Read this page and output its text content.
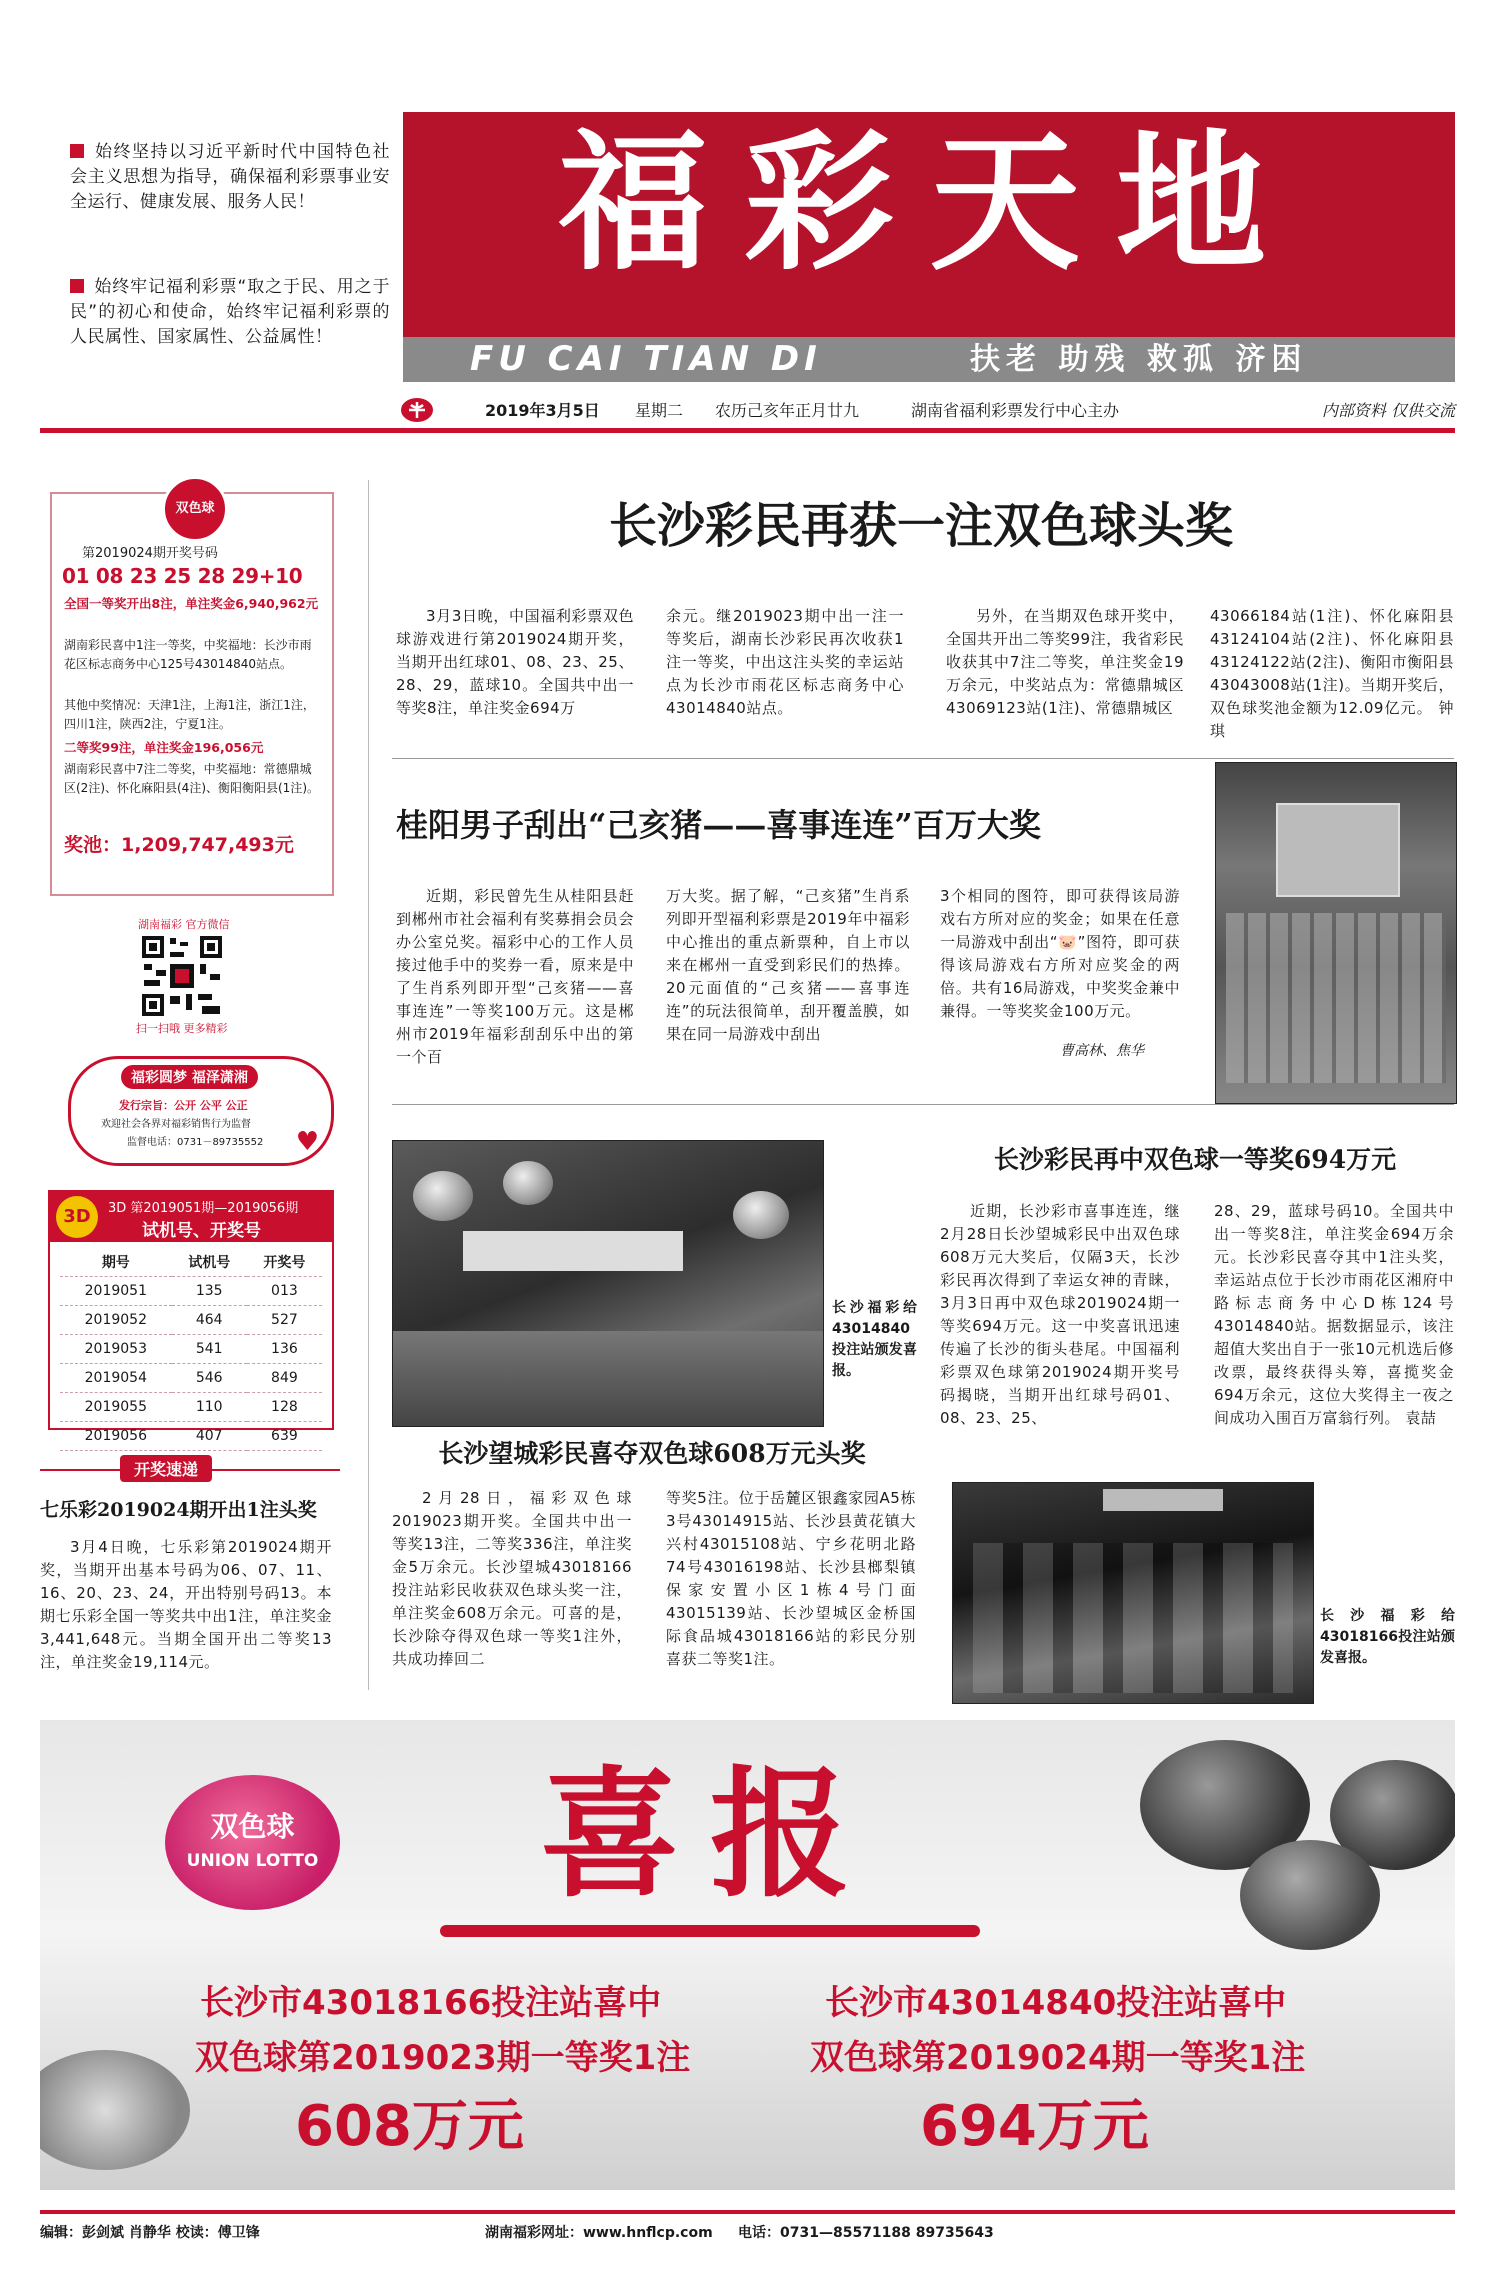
始终坚持以习近平新时代中国特色社会主义思想为指导，确保福利彩票事业安全运行、健康发展、服务人民！
始终牢记福利彩票“取之于民、用之于民”的初心和使命，始终牢记福利彩票的人民属性、国家属性、公益属性！
福彩天地
FU CAI TIAN DI	扶老 助残 救孤 济困
2019年3月5日 星期二 农历己亥年正月廿九	湖南省福利彩票发行中心主办	内部资料 仅供交流
双色球
第2019024期开奖号码
01 08 23 25 28 29+10
全国一等奖开出8注，单注奖金6,940,962元
湖南彩民喜中1注一等奖，中奖福地：长沙市雨花区标志商务中心125号43014840站点。
其他中奖情况：天津1注，上海1注，浙江1注，四川1注，陕西2注，宁夏1注。
二等奖99注，单注奖金196,056元
湖南彩民喜中7注二等奖，中奖福地：常德鼎城区(2注)、怀化麻阳县(4注)、衡阳衡阳县(1注)。
奖池：1,209,747,493元
湖南福彩 官方微信
扫一扫哦 更多精彩
福彩圆梦 福泽潇湘
发行宗旨：公开 公平 公正
欢迎社会各界对福彩销售行为监督
监督电话：0731－89735552 ♥
3D	3D 第2019051期—2019056期
试机号、开奖号
期号	试机号	开奖号
2019051	135	013
2019052	464	527
2019053	541	136
2019054	546	849
2019055	110	128
2019056	407	639
开奖速递
七乐彩2019024期开出1注头奖
3月4日晚，七乐彩第2019024期开奖，当期开出基本号码为06、07、11、16、20、23、24，开出特别号码13。本期七乐彩全国一等奖共中出1注，单注奖金3,441,648元。当期全国开出二等奖13注，单注奖金19,114元。
长沙彩民再获一注双色球头奖
3月3日晚，中国福利彩票双色球游戏进行第2019024期开奖，当期开出红球01、08、23、25、28、29，蓝球10。全国共中出一等奖8注，单注奖金694万
余元。继2019023期中出一注一等奖后，湖南长沙彩民再次收获1注一等奖，中出这注头奖的幸运站点为长沙市雨花区标志商务中心43014840站点。
另外，在当期双色球开奖中，全国共开出二等奖99注，我省彩民收获其中7注二等奖，单注奖金19万余元，中奖站点为：常德鼎城区43069123站(1注)、常德鼎城区
43066184站(1注)、怀化麻阳县43124104站(2注)、怀化麻阳县43124122站(2注)、衡阳市衡阳县43043008站(1注)。当期开奖后，双色球奖池金额为12.09亿元。 钟琪
桂阳男子刮出“己亥猪——喜事连连”百万大奖
近期，彩民曾先生从桂阳县赶到郴州市社会福利有奖募捐会员会办公室兑奖。福彩中心的工作人员接过他手中的奖券一看，原来是中了生肖系列即开型“己亥猪——喜事连连”一等奖100万元。这是郴州市2019年福彩刮刮乐中出的第一个百
万大奖。据了解，“己亥猪”生肖系列即开型福利彩票是2019年中福彩中心推出的重点新票种，自上市以来在郴州一直受到彩民们的热捧。20元面值的“己亥猪——喜事连连”的玩法很简单，刮开覆盖膜，如果在同一局游戏中刮出
3个相同的图符，即可获得该局游戏右方所对应的奖金；如果在任意一局游戏中刮出“🐷”图符，即可获得该局游戏右方所对应奖金的两倍。共有16局游戏，中奖奖金兼中兼得。一等奖奖金100万元。
曹高林、焦华
长沙福彩给43014840投注站颁发喜报。
长沙彩民再中双色球一等奖694万元
近期，长沙彩市喜事连连，继2月28日长沙望城彩民中出双色球608万元大奖后，仅隔3天，长沙彩民再次得到了幸运女神的青睐，3月3日再中双色球2019024期一等奖694万元。这一中奖喜讯迅速传遍了长沙的街头巷尾。中国福利彩票双色球第2019024期开奖号码揭晓，当期开出红球号码01、08、23、25、
28、29，蓝球号码10。全国共中出一等奖8注，单注奖金694万余元。长沙彩民喜夺其中1注头奖，幸运站点位于长沙市雨花区湘府中路标志商务中心D栋124号43014840站。据数据显示，该注超值大奖出自于一张10元机选后修改票，最终获得头筹，喜揽奖金694万余元，这位大奖得主一夜之间成功入围百万富翁行列。 袁喆
长沙望城彩民喜夺双色球608万元头奖
2月28日，福彩双色球2019023期开奖。全国共中出一等奖13注，二等奖336注，单注奖金5万余元。长沙望城43018166投注站彩民收获双色球头奖一注，单注奖金608万余元。可喜的是，长沙除夺得双色球一等奖1注外，共成功捧回二
等奖5注。位于岳麓区银鑫家园A5栋3号43014915站、长沙县黄花镇大兴村43015108站、宁乡花明北路74号43016198站、长沙县榔梨镇保家安置小区1栋4号门面43015139站、长沙望城区金桥国际食品城43018166站的彩民分别喜获二等奖1注。
长沙福彩给43018166投注站颁发喜报。
双色球
UNION LOTTO	喜报
长沙市43018166投注站喜中
双色球第2019023期一等奖1注
608万元
长沙市43014840投注站喜中
双色球第2019024期一等奖1注
694万元
编辑：彭剑斌 肖静华 校读：傅卫锋	湖南福彩网址：www.hnflcp.com 电话：0731—85571188 89735643
